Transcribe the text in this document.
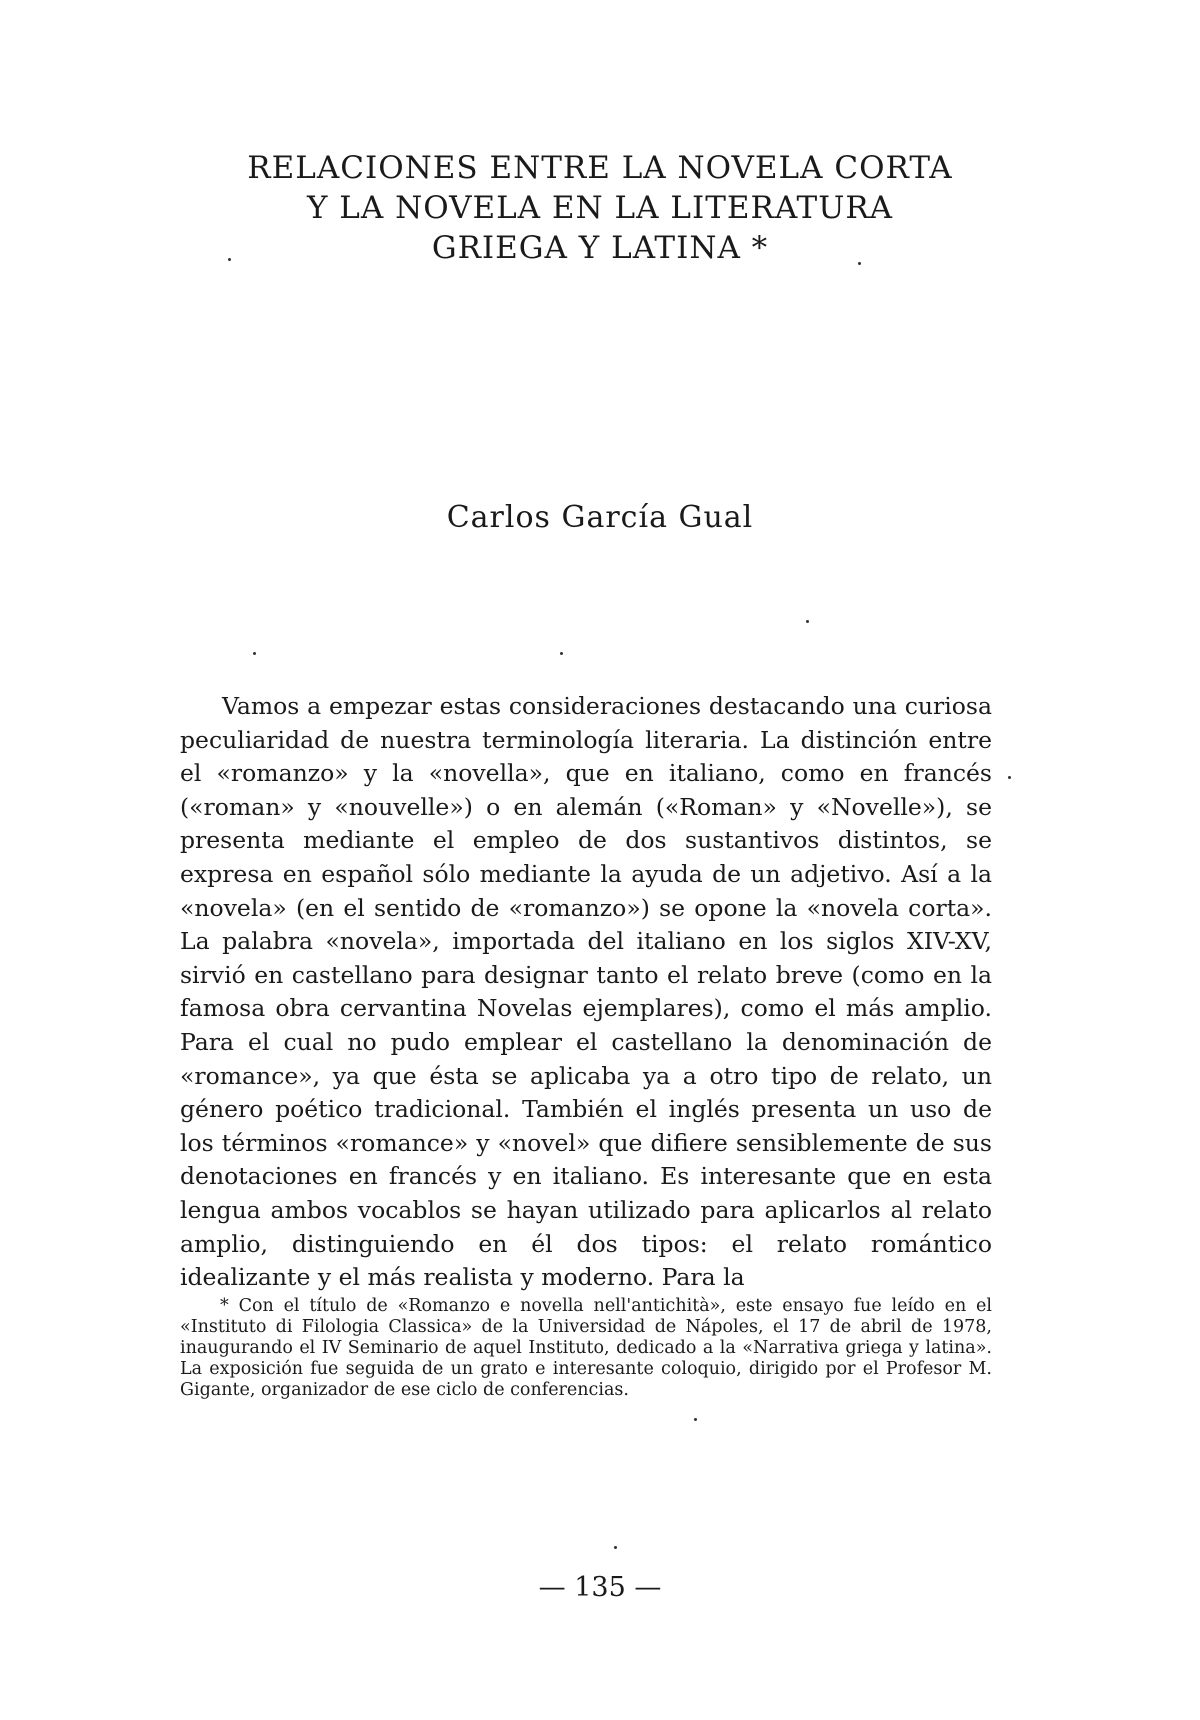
RELACIONES ENTRE LA NOVELA CORTA
Y LA NOVELA EN LA LITERATURA
GRIEGA Y LATINA *
Carlos García Gual

Vamos a empezar estas consideraciones destacando una curiosa peculiaridad de nuestra terminología literaria. La distinción entre el «romanzo» y la «novella», que en italiano, como en francés («roman» y «nouvelle») o en alemán («Roman» y «Novelle»), se presenta mediante el empleo de dos sustantivos distintos, se expresa en español sólo mediante la ayuda de un adjetivo. Así a la «novela» (en el sentido de «romanzo») se opone la «novela corta». La palabra «novela», importada del italiano en los siglos XIV-XV, sirvió en castellano para designar tanto el relato breve (como en la famosa obra cervantina Novelas ejemplares), como el más amplio. Para el cual no pudo emplear el castellano la denominación de «romance», ya que ésta se aplicaba ya a otro tipo de relato, un género poético tradicional. También el inglés presenta un uso de los términos «romance» y «novel» que difiere sensiblemente de sus denotaciones en francés y en italiano. Es interesante que en esta lengua ambos vocablos se hayan utilizado para aplicarlos al relato amplio, distinguiendo en él dos tipos: el relato romántico idealizante y el más realista y moderno. Para la

* Con el título de «Romanzo e novella nell'antichità», este ensayo fue leído en el «Instituto di Filologia Classica» de la Universidad de Nápoles, el 17 de abril de 1978, inaugurando el IV Seminario de aquel Instituto, dedicado a la «Narrativa griega y latina». La exposición fue seguida de un grato e interesante coloquio, dirigido por el Profesor M. Gigante, organizador de ese ciclo de conferencias.

— 135 —
